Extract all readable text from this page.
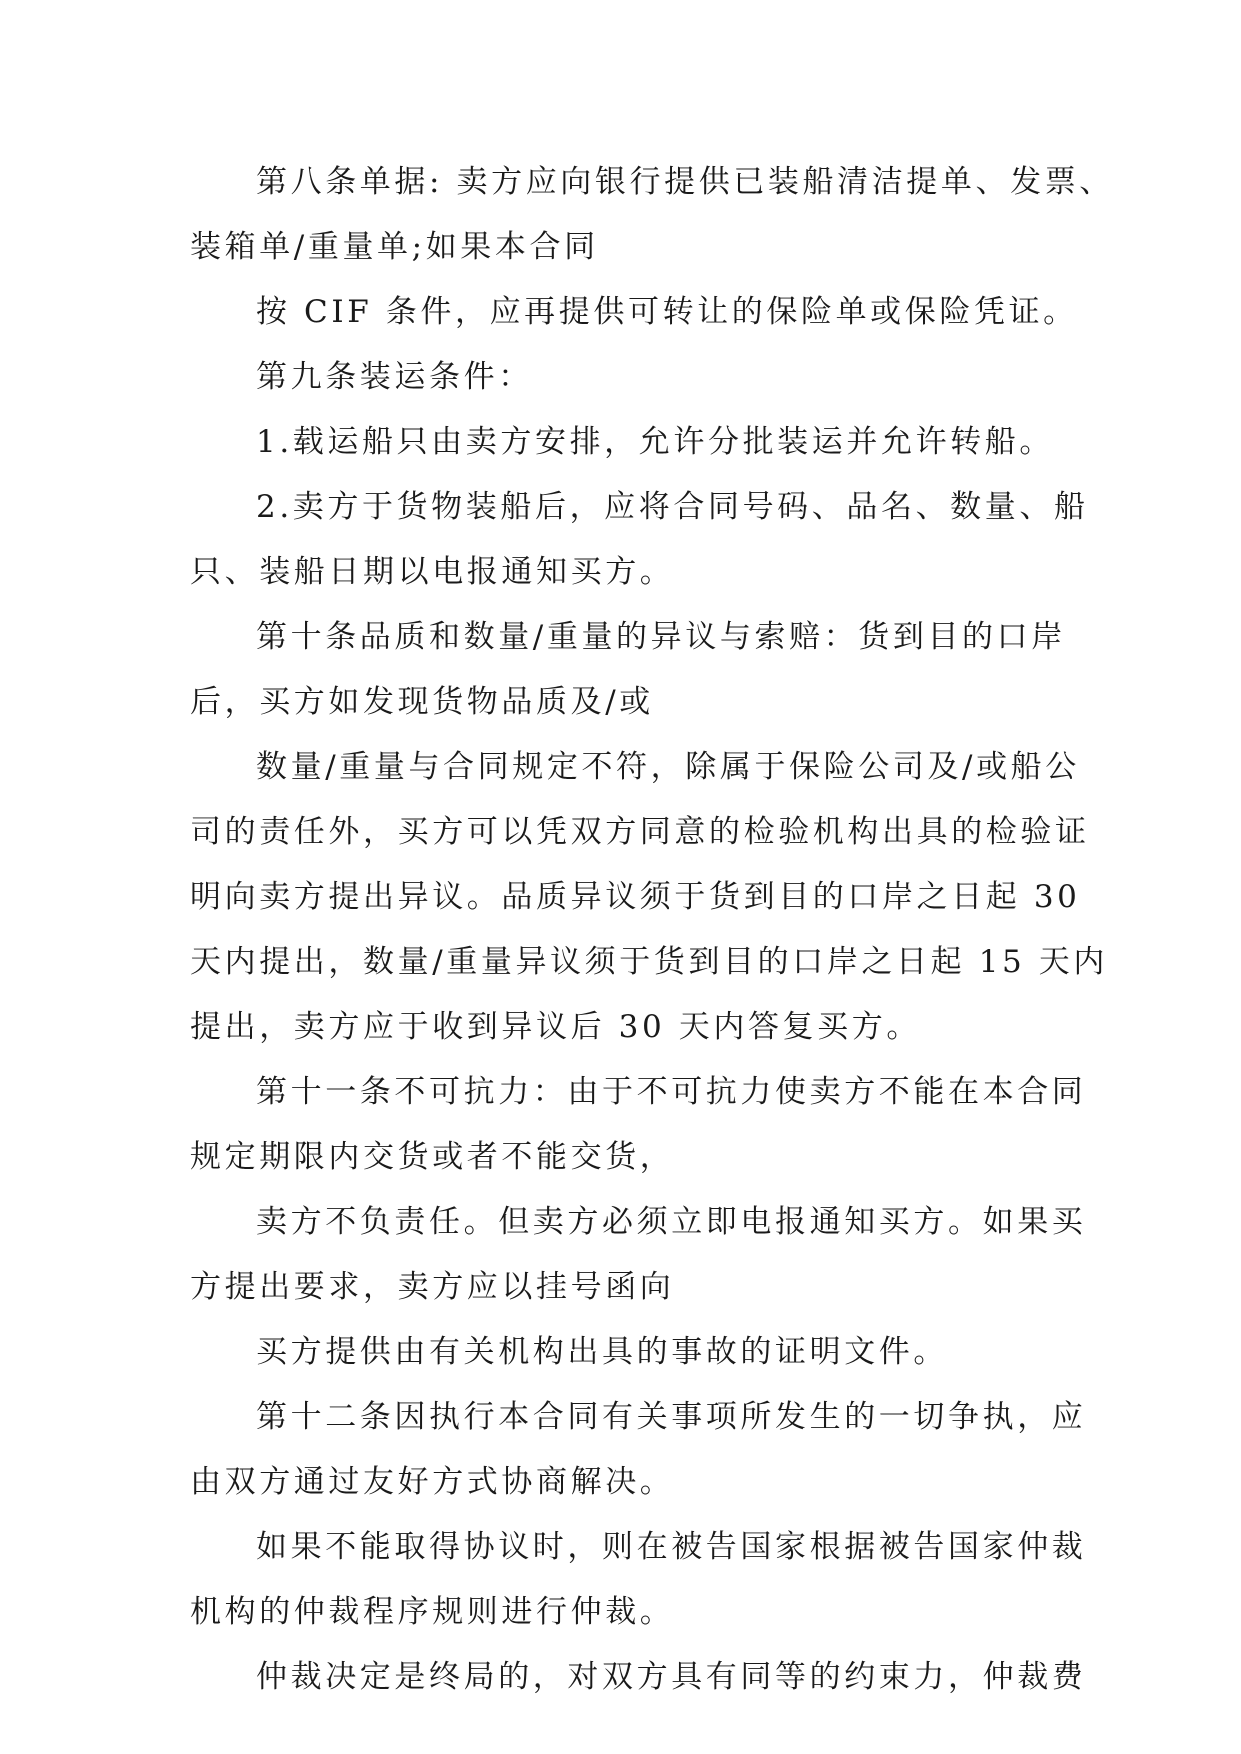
第八条单据: 卖方应向银行提供已装船清洁提单、发票、
装箱单/重量单;如果本合同
按 CIF 条件，应再提供可转让的保险单或保险凭证。
第九条装运条件：
1.载运船只由卖方安排，允许分批装运并允许转船。
2.卖方于货物装船后，应将合同号码、品名、数量、船
只、装船日期以电报通知买方。
第十条品质和数量/重量的异议与索赔：货到目的口岸
后，买方如发现货物品质及/或
数量/重量与合同规定不符，除属于保险公司及/或船公
司的责任外，买方可以凭双方同意的检验机构出具的检验证
明向卖方提出异议。品质异议须于货到目的口岸之日起 30
天内提出，数量/重量异议须于货到目的口岸之日起 15 天内
提出，卖方应于收到异议后 30 天内答复买方。
第十一条不可抗力：由于不可抗力使卖方不能在本合同
规定期限内交货或者不能交货，
卖方不负责任。但卖方必须立即电报通知买方。如果买
方提出要求，卖方应以挂号函向
买方提供由有关机构出具的事故的证明文件。
第十二条因执行本合同有关事项所发生的一切争执，应
由双方通过友好方式协商解决。
如果不能取得协议时，则在被告国家根据被告国家仲裁
机构的仲裁程序规则进行仲裁。
仲裁决定是终局的，对双方具有同等的约束力，仲裁费
